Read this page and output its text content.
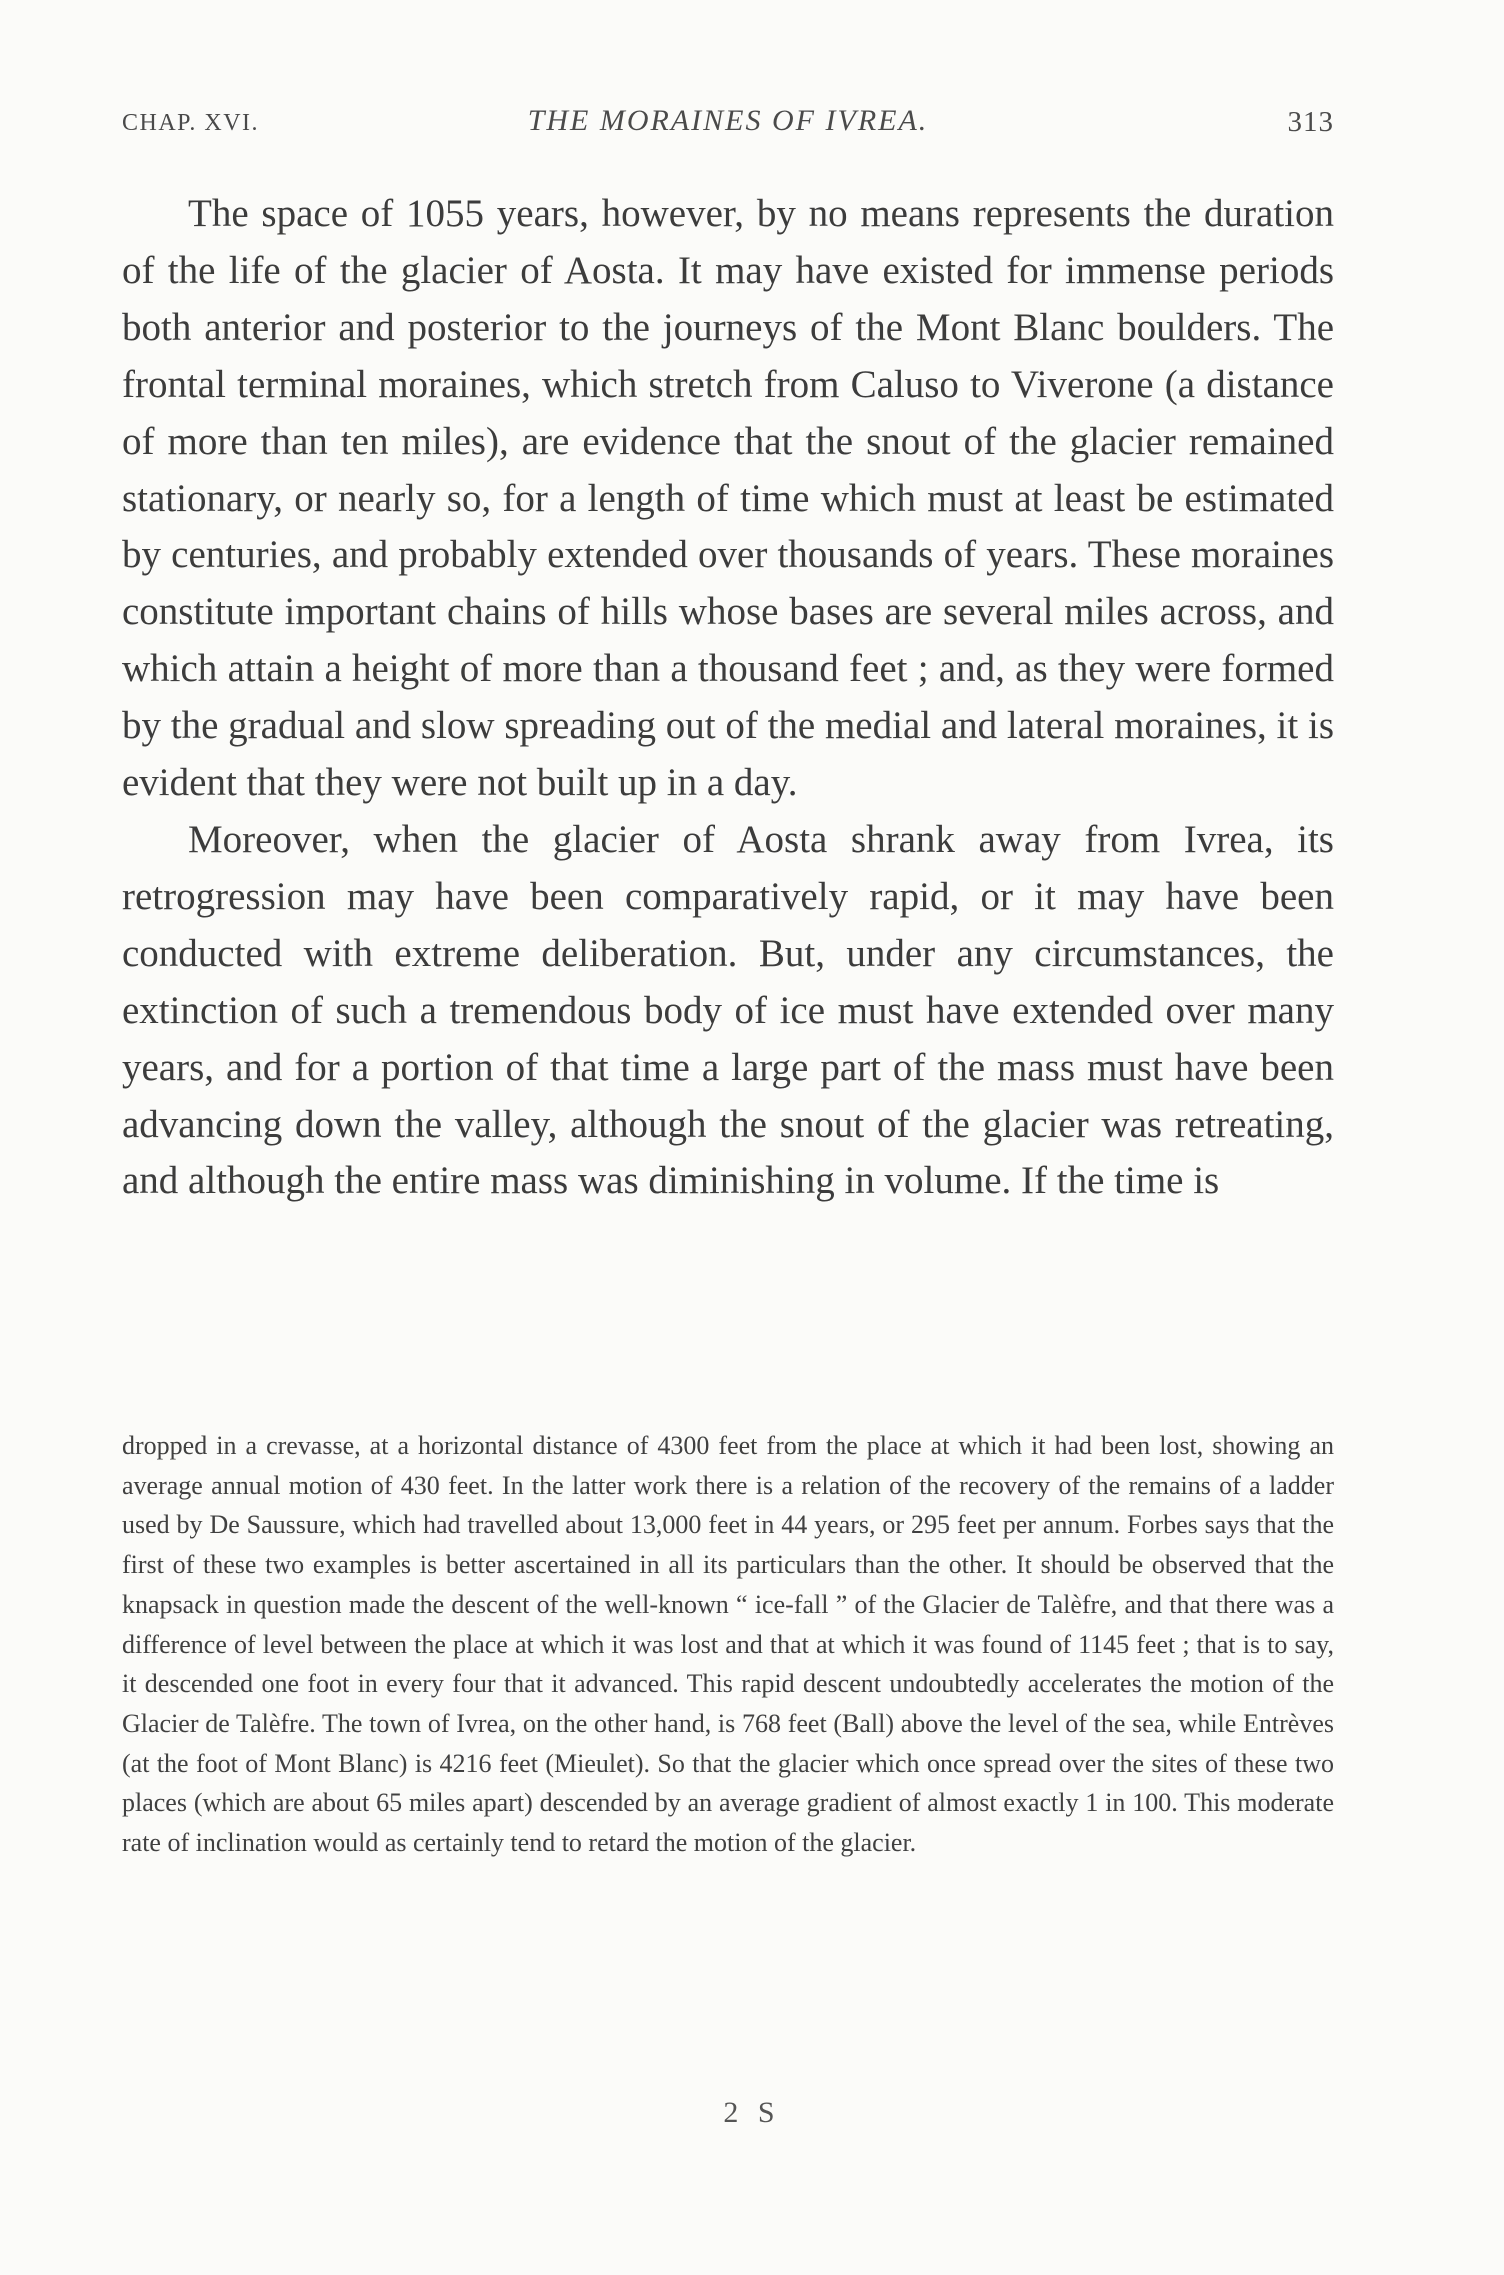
CHAP. XVI.	THE MORAINES OF IVREA.	313

The space of 1055 years, however, by no means represents the duration of the life of the glacier of Aosta. It may have existed for immense periods both anterior and posterior to the journeys of the Mont Blanc boulders. The frontal terminal moraines, which stretch from Caluso to Viverone (a distance of more than ten miles), are evidence that the snout of the glacier remained stationary, or nearly so, for a length of time which must at least be estimated by centuries, and probably extended over thousands of years. These moraines constitute important chains of hills whose bases are several miles across, and which attain a height of more than a thousand feet ; and, as they were formed by the gradual and slow spreading out of the medial and lateral moraines, it is evident that they were not built up in a day.

Moreover, when the glacier of Aosta shrank away from Ivrea, its retrogression may have been comparatively rapid, or it may have been conducted with extreme deliberation. But, under any circumstances, the extinction of such a tremendous body of ice must have extended over many years, and for a portion of that time a large part of the mass must have been advancing down the valley, although the snout of the glacier was retreating, and although the entire mass was diminishing in volume. If the time is

dropped in a crevasse, at a horizontal distance of 4300 feet from the place at which it had been lost, showing an average annual motion of 430 feet. In the latter work there is a relation of the recovery of the remains of a ladder used by De Saussure, which had travelled about 13,000 feet in 44 years, or 295 feet per annum. Forbes says that the first of these two examples is better ascertained in all its particulars than the other. It should be observed that the knapsack in question made the descent of the well-known “ ice-fall ” of the Glacier de Talèfre, and that there was a difference of level between the place at which it was lost and that at which it was found of 1145 feet ; that is to say, it descended one foot in every four that it advanced. This rapid descent undoubtedly accelerates the motion of the Glacier de Talèfre. The town of Ivrea, on the other hand, is 768 feet (Ball) above the level of the sea, while Entrèves (at the foot of Mont Blanc) is 4216 feet (Mieulet). So that the glacier which once spread over the sites of these two places (which are about 65 miles apart) descended by an average gradient of almost exactly 1 in 100. This moderate rate of inclination would as certainly tend to retard the motion of the glacier.

2 S
